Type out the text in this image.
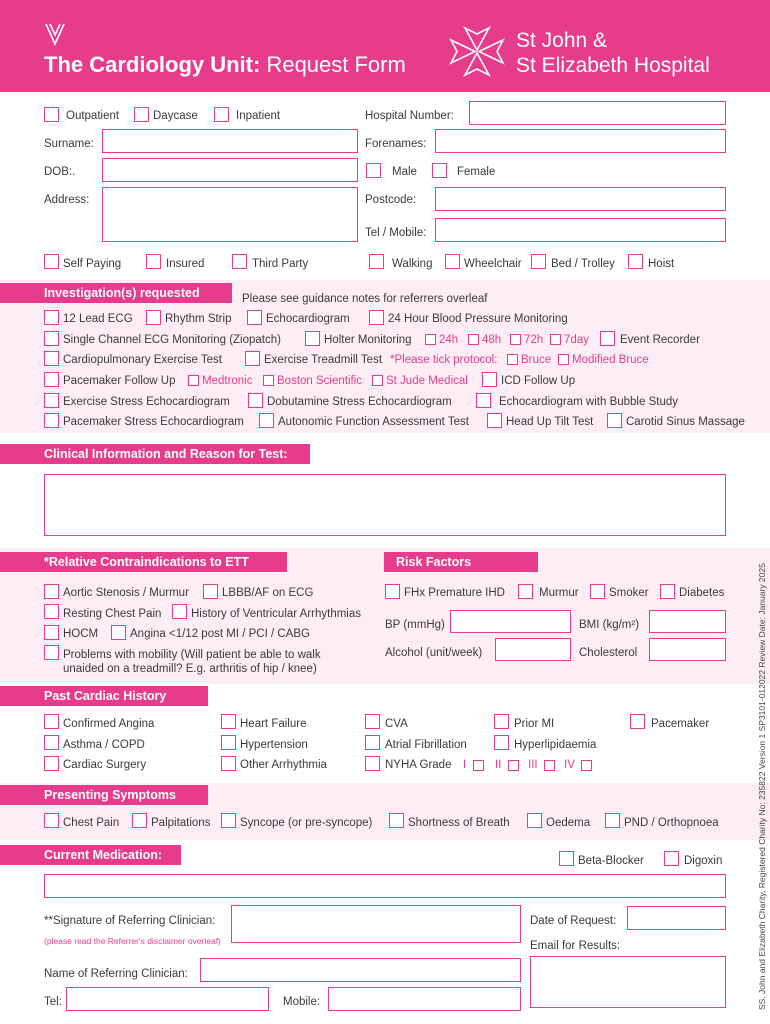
The Cardiology Unit: Request Form
St John &
St Elizabeth Hospital
Outpatient	Daycase	Inpatient	Hospital Number:
Surname:	Forenames:
DOB:.	Male	Female
Address:	Postcode:
Tel / Mobile:
Self Paying	Insured	Third Party	Walking	Wheelchair	Bed / Trolley	Hoist
Investigation(s) requested	Please see guidance notes for referrers overleaf
12 Lead ECG	Rhythm Strip	Echocardiogram	24 Hour Blood Pressure Monitoring
Single Channel ECG Monitoring (Ziopatch)	Holter Monitoring 24h 48h 72h 7day	Event Recorder
Cardiopulmonary Exercise Test	Exercise Treadmill Test *Please tick protocol: Bruce Modified Bruce
Pacemaker Follow Up Medtronic Boston Scientific St Jude Medical	ICD Follow Up
Exercise Stress Echocardiogram	Dobutamine Stress Echocardiogram	Echocardiogram with Bubble Study
Pacemaker Stress Echocardiogram	Autonomic Function Assessment Test	Head Up Tilt Test	Carotid Sinus Massage
Clinical Information and Reason for Test:
*Relative Contraindications to ETT	Risk Factors
Aortic Stenosis / Murmur	LBBB/AF on ECG
Resting Chest Pain	History of Ventricular Arrhythmias
HOCM	Angina <1/12 post MI / PCI / CABG
Problems with mobility (Will patient be able to walk
unaided on a treadmill? E.g. arthritis of hip / knee)
FHx Premature IHD	Murmur	Smoker	Diabetes
BP (mmHg)	BMI (kg/m²)
Alcohol (unit/week)	Cholesterol
Past Cardiac History
Confirmed Angina	Heart Failure	CVA	Prior MI	Pacemaker
Asthma / COPD	Hypertension	Atrial Fibrillation	Hyperlipidaemia
Cardiac Surgery	Other Arrhythmia	NYHA Grade I	II III IV
Presenting Symptoms
Chest Pain	Palpitations	Syncope (or pre-syncope)	Shortness of Breath	Oedema	PND / Orthopnoea
Current Medication:	Beta-Blocker	Digoxin
**Signature of Referring Clinician:
(please read the Referrer's disclaimer overleaf)
Date of Request:
Email for Results:
Name of Referring Clinician:
Tel:	Mobile:	SS. John and Elizabeth Charity, Registered Charity No: 235822 Version 1 SP3101-012022 Review Date: January 2025
